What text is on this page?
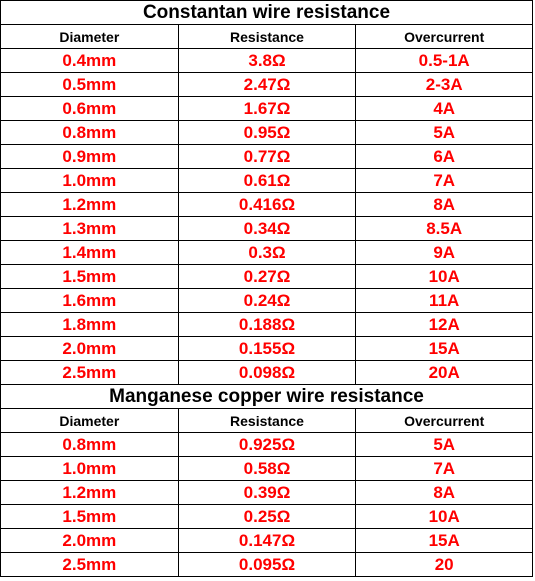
Constantan wire resistance
Diameter	Resistance	Overcurrent
0.4mm	3.8Ω	0.5-1A
0.5mm	2.47Ω	2-3A
0.6mm	1.67Ω	4A
0.8mm	0.95Ω	5A
0.9mm	0.77Ω	6A
1.0mm	0.61Ω	7A
1.2mm	0.416Ω	8A
1.3mm	0.34Ω	8.5A
1.4mm	0.3Ω	9A
1.5mm	0.27Ω	10A
1.6mm	0.24Ω	11A
1.8mm	0.188Ω	12A
2.0mm	0.155Ω	15A
2.5mm	0.098Ω	20A
Manganese copper wire resistance
Diameter	Resistance	Overcurrent
0.8mm	0.925Ω	5A
1.0mm	0.58Ω	7A
1.2mm	0.39Ω	8A
1.5mm	0.25Ω	10A
2.0mm	0.147Ω	15A
2.5mm	0.095Ω	20
